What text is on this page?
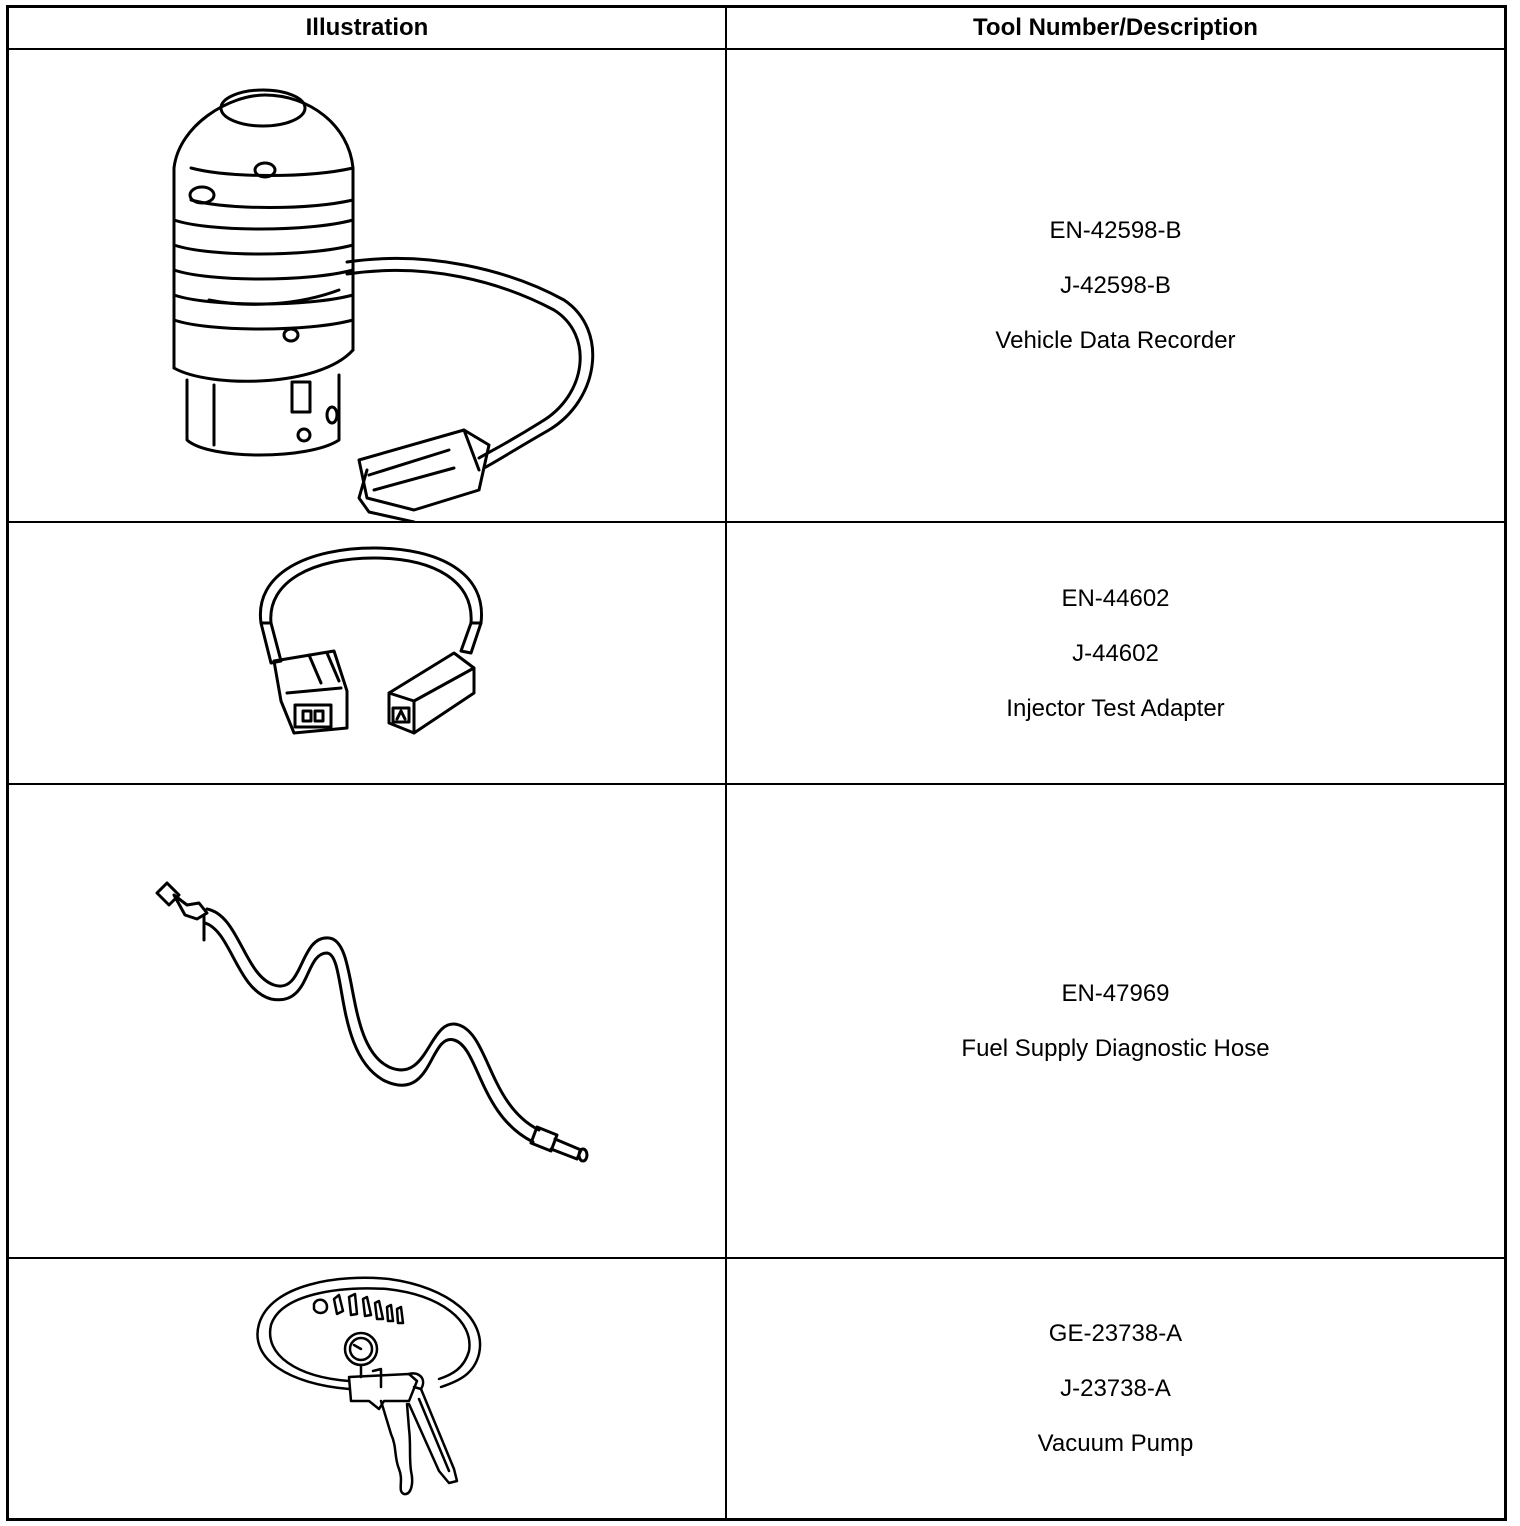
Illustration	Tool Number/Description

EN-42598-B
J-42598-B
Vehicle Data Recorder

EN-44602
J-44602
Injector Test Adapter

EN-47969
Fuel Supply Diagnostic Hose

GE-23738-A
J-23738-A
Vacuum Pump
